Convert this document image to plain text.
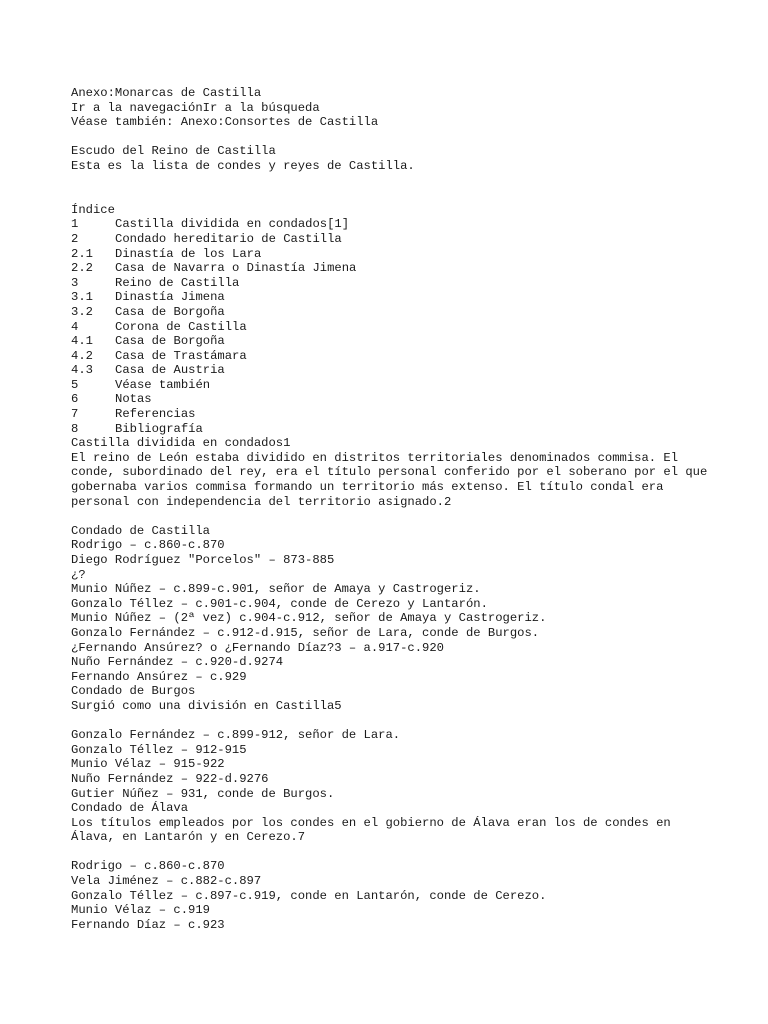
Anexo:Monarcas de Castilla
Ir a la navegaciónIr a la búsqueda
Véase también: Anexo:Consortes de Castilla
Escudo del Reino de Castilla
Esta es la lista de condes y reyes de Castilla.
Índice
1	Castilla dividida en condados[1]
2	Condado hereditario de Castilla
2.1 Dinastía de los Lara
2.2 Casa de Navarra o Dinastía Jimena
3	Reino de Castilla
3.1 Dinastía Jimena
3.2 Casa de Borgoña
4	Corona de Castilla
4.1 Casa de Borgoña
4.2 Casa de Trastámara
4.3 Casa de Austria
5	Véase también
6	Notas
7	Referencias
8	Bibliografía
Castilla dividida en condados1
El reino de León estaba dividido en distritos territoriales denominados commisa. El conde, subordinado del rey, era el título personal conferido por el soberano por el que gobernaba varios commisa formando un territorio más extenso. El título condal era personal con independencia del territorio asignado.2
Condado de Castilla
Rodrigo – c.860-c.870
Diego Rodríguez "Porcelos" – 873-885
¿?
Munio Núñez – c.899-c.901, señor de Amaya y Castrogeriz.
Gonzalo Téllez – c.901-c.904, conde de Cerezo y Lantarón.
Munio Núñez – (2ª vez) c.904-c.912, señor de Amaya y Castrogeriz.
Gonzalo Fernández – c.912-d.915, señor de Lara, conde de Burgos.
¿Fernando Ansúrez? o ¿Fernando Díaz?3 – a.917-c.920
Nuño Fernández – c.920-d.9274
Fernando Ansúrez – c.929
Condado de Burgos
Surgió como una división en Castilla5
Gonzalo Fernández – c.899-912, señor de Lara.
Gonzalo Téllez – 912-915
Munio Vélaz – 915-922
Nuño Fernández – 922-d.9276
Gutier Núñez – 931, conde de Burgos.
Condado de Álava
Los títulos empleados por los condes en el gobierno de Álava eran los de condes en Álava, en Lantarón y en Cerezo.7
Rodrigo – c.860-c.870
Vela Jiménez – c.882-c.897
Gonzalo Téllez – c.897-c.919, conde en Lantarón, conde de Cerezo.
Munio Vélaz – c.919
Fernando Díaz – c.923
